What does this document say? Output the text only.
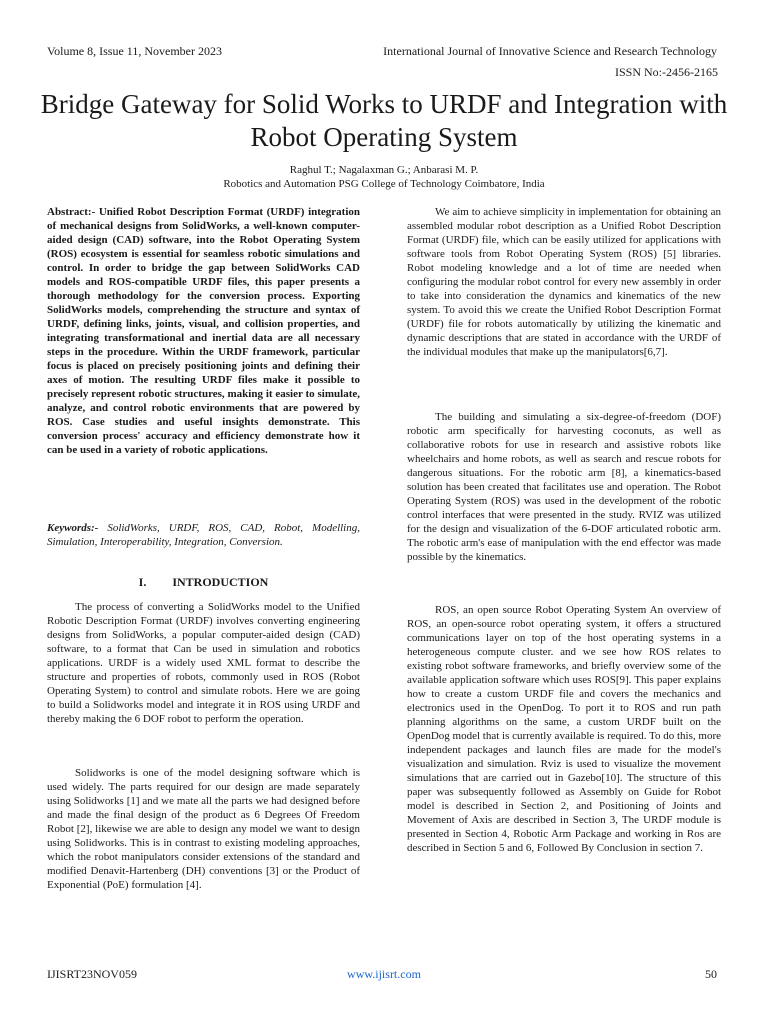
Volume 8, Issue 11, November 2023	International Journal of Innovative Science and Research Technology
ISSN No:-2456-2165
Bridge Gateway for Solid Works to URDF and Integration with Robot Operating System
Raghul T.; Nagalaxman G.; Anbarasi M. P.
Robotics and Automation PSG College of Technology Coimbatore, India

Abstract:- Unified Robot Description Format (URDF) integration of mechanical designs from SolidWorks, a well-known computer-aided design (CAD) software, into the Robot Operating System (ROS) ecosystem is essential for seamless robotic simulations and control. In order to bridge the gap between SolidWorks CAD models and ROS-compatible URDF files, this paper presents a thorough methodology for the conversion process. Exporting SolidWorks models, comprehending the structure and syntax of URDF, defining links, joints, visual, and collision properties, and integrating transformational and inertial data are all necessary steps in the procedure. Within the URDF framework, particular focus is placed on precisely positioning joints and defining their axes of motion. The resulting URDF files make it possible to precisely represent robotic structures, making it easier to simulate, analyze, and control robotic environments that are powered by ROS. Case studies and useful insights demonstrate. This conversion process' accuracy and efficiency demonstrate how it can be used in a variety of robotic applications.

Keywords:- SolidWorks, URDF, ROS, CAD, Robot, Modelling, Simulation, Interoperability, Integration, Conversion.

I. INTRODUCTION

The process of converting a SolidWorks model to the Unified Robotic Description Format (URDF) involves converting engineering designs from SolidWorks, a popular computer-aided design (CAD) software, to a format that Can be used in simulation and robotics applications. URDF is a widely used XML format to describe the structure and properties of robots, commonly used in ROS (Robot Operating System) to control and simulate robots. Here we are going to build a Solidworks model and integrate it in ROS using URDF and thereby making the 6 DOF robot to perform the operation.

Solidworks is one of the model designing software which is used widely. The parts required for our design are made separately using Solidworks [1] and we mate all the parts we had designed before and made the final design of the product as 6 Degrees Of Freedom Robot [2], likewise we are able to design any model we want to design using Solidworks. This is in contrast to existing modeling approaches, which the robot manipulators consider extensions of the standard and modified Denavit-Hartenberg (DH) conventions [3] or the Product of Exponential (PoE) formulation [4].

We aim to achieve simplicity in implementation for obtaining an assembled modular robot description as a Unified Robot Description Format (URDF) file, which can be easily utilized for applications with software tools from Robot Operating System (ROS) [5] libraries. Robot modeling knowledge and a lot of time are needed when configuring the modular robot control for every new assembly in order to take into consideration the dynamics and kinematics of the new system. To avoid this we create the Unified Robot Description Format (URDF) file for robots automatically by utilizing the kinematic and dynamic descriptions that are stated in accordance with the URDF of the individual modules that make up the manipulators[6,7].

The building and simulating a six-degree-of-freedom (DOF) robotic arm specifically for harvesting coconuts, as well as collaborative robots for use in research and assistive robots like wheelchairs and home robots, as well as search and rescue robots for dangerous situations. For the robotic arm [8], a kinematics-based solution has been created that facilitates use and operation. The Robot Operating System (ROS) was used in the development of the robotic control interfaces that were presented in the study. RVIZ was utilized for the design and visualization of the 6-DOF articulated robotic arm. The robotic arm's ease of manipulation with the end effector was made possible by the kinematics.

ROS, an open source Robot Operating System An overview of ROS, an open-source robot operating system, it offers a structured communications layer on top of the host operating systems in a heterogeneous compute cluster. and we see how ROS relates to existing robot software frameworks, and briefly overview some of the available application software which uses ROS[9]. This paper explains how to create a custom URDF file and covers the mechanics and electronics used in the OpenDog. To port it to ROS and run path planning algorithms on the same, a custom URDF built on the OpenDog model that is currently available is required. To do this, more independent packages and launch files are made for the model's visualization and simulation. Rviz is used to visualize the movement simulations that are carried out in Gazebo[10]. The structure of this paper was subsequently followed as Assembly on Guide for Robot model is described in Section 2, and Positioning of Joints and Movement of Axis are described in Section 3, The URDF module is presented in Section 4, Robotic Arm Package and working in Ros are described in Section 5 and 6, Followed By Conclusion in section 7.

IJISRT23NOV059	www.ijisrt.com	50
